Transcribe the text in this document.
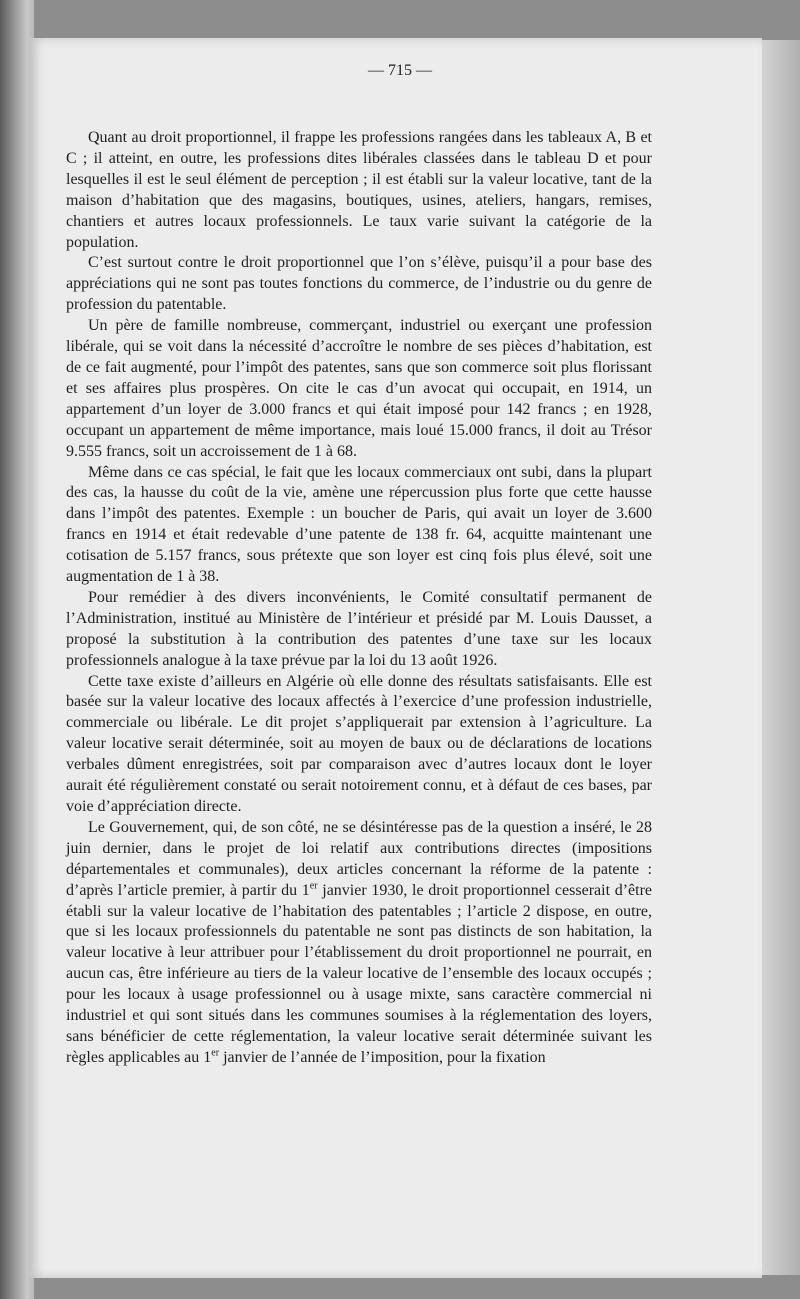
— 715 —

Quant au droit proportionnel, il frappe les professions rangées dans les tableaux A, B et C ; il atteint, en outre, les professions dites libérales classées dans le tableau D et pour lesquelles il est le seul élément de perception ; il est établi sur la valeur locative, tant de la maison d’habitation que des magasins, boutiques, usines, ateliers, hangars, remises, chantiers et autres locaux professionnels. Le taux varie suivant la catégorie de la population.

C’est surtout contre le droit proportionnel que l’on s’élève, puisqu’il a pour base des appréciations qui ne sont pas toutes fonctions du commerce, de l’industrie ou du genre de profession du patentable.

Un père de famille nombreuse, commerçant, industriel ou exerçant une profession libérale, qui se voit dans la nécessité d’accroître le nombre de ses pièces d’habitation, est de ce fait augmenté, pour l’impôt des patentes, sans que son commerce soit plus florissant et ses affaires plus prospères. On cite le cas d’un avocat qui occupait, en 1914, un appartement d’un loyer de 3.000 francs et qui était imposé pour 142 francs ; en 1928, occupant un appartement de même importance, mais loué 15.000 francs, il doit au Trésor 9.555 francs, soit un accroissement de 1 à 68.

Même dans ce cas spécial, le fait que les locaux commerciaux ont subi, dans la plupart des cas, la hausse du coût de la vie, amène une répercussion plus forte que cette hausse dans l’impôt des patentes. Exemple : un boucher de Paris, qui avait un loyer de 3.600 francs en 1914 et était redevable d’une patente de 138 fr. 64, acquitte maintenant une cotisation de 5.157 francs, sous prétexte que son loyer est cinq fois plus élevé, soit une augmentation de 1 à 38.

Pour remédier à des divers inconvénients, le Comité consultatif permanent de l’Administration, institué au Ministère de l’intérieur et présidé par M. Louis Dausset, a proposé la substitution à la contribution des patentes d’une taxe sur les locaux professionnels analogue à la taxe prévue par la loi du 13 août 1926.

Cette taxe existe d’ailleurs en Algérie où elle donne des résultats satisfaisants. Elle est basée sur la valeur locative des locaux affectés à l’exercice d’une profession industrielle, commerciale ou libérale. Le dit projet s’appliquerait par extension à l’agriculture. La valeur locative serait déterminée, soit au moyen de baux ou de déclarations de locations verbales dûment enregistrées, soit par comparaison avec d’autres locaux dont le loyer aurait été régulièrement constaté ou serait notoirement connu, et à défaut de ces bases, par voie d’appréciation directe.

Le Gouvernement, qui, de son côté, ne se désintéresse pas de la question a inséré, le 28 juin dernier, dans le projet de loi relatif aux contributions directes (impositions départementales et communales), deux articles concernant la réforme de la patente : d’après l’article premier, à partir du 1er janvier 1930, le droit proportionnel cesserait d’être établi sur la valeur locative de l’habitation des patentables ; l’article 2 dispose, en outre, que si les locaux professionnels du patentable ne sont pas distincts de son habitation, la valeur locative à leur attribuer pour l’établissement du droit proportionnel ne pourrait, en aucun cas, être inférieure au tiers de la valeur locative de l’ensemble des locaux occupés ; pour les locaux à usage professionnel ou à usage mixte, sans caractère commercial ni industriel et qui sont situés dans les communes soumises à la réglementation des loyers, sans bénéficier de cette réglementation, la valeur locative serait déterminée suivant les règles applicables au 1er janvier de l’année de l’imposition, pour la fixation
